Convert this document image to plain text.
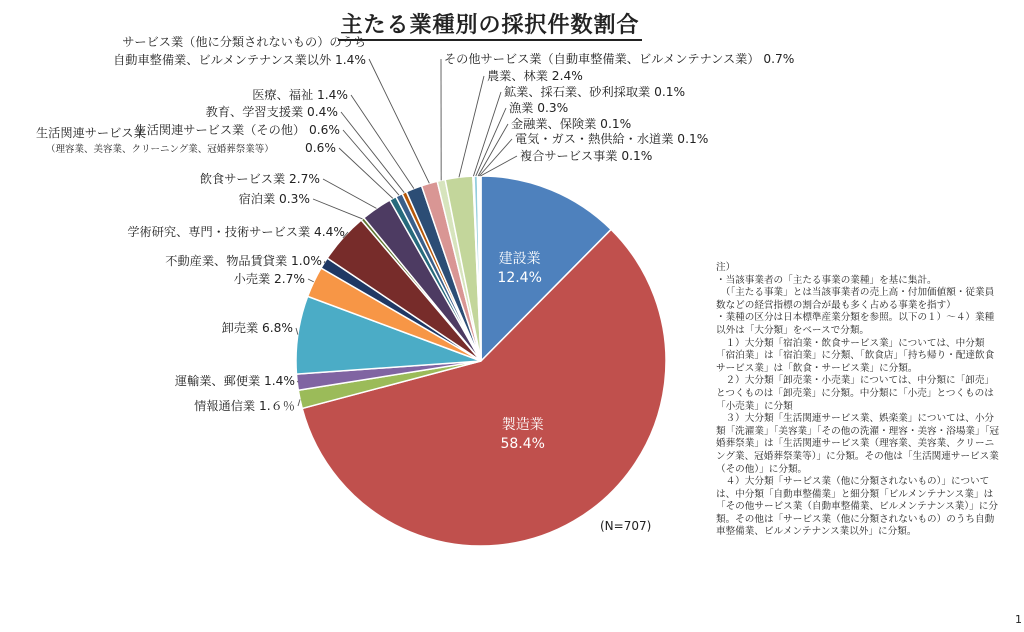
主たる業種別の採択件数割合
建設業
12.4%
製造業
58.4%
情報通信業 1.６％
運輸業、郵便業 1.4%
卸売業 6.8%
小売業 2.7%
不動産業、物品賃貸業 1.0%
学術研究、専門・技術サービス業 4.4%
宿泊業 0.3%
飲食サービス業 2.7%
生活関連サービス業
（理容業、美容業、クリーニング業、冠婚葬祭業等）	0.6%
生活関連サービス業（その他） 0.6%
教育、学習支援業 0.4%
医療、福祉 1.4%
サービス業（他に分類されないもの）のうち
自動車整備業、ビルメンテナンス業以外 1.4%	その他サービス業（自動車整備業、ビルメンテナンス業） 0.7%
農業、林業 2.4%
鉱業、採石業、砂利採取業 0.1%
漁業 0.3%
金融業、保険業 0.1%
電気・ガス・熱供給・水道業 0.1%
複合サービス事業 0.1%
(N=707)
注）
・当該事業者の「主たる事業の業種」を基に集計。
　（「主たる事業」とは当該事業者の売上高・付加価値額・従業員数などの経営指標の割合が最も多く占める事業を指す）
・業種の区分は日本標準産業分類を参照。以下の１）～４）業種以外は「大分類」をベースで分類。
　１）大分類「宿泊業・飲食サービス業」については、中分類「宿泊業」は「宿泊業」に分類、「飲食店」「持ち帰り・配達飲食サービス業」は「飲食・サービス業」に分類。
　２）大分類「卸売業・小売業」については、中分類に「卸売」とつくものは「卸売業」に分類。中分類に「小売」とつくものは「小売業」に分類
　３）大分類「生活関連サービス業、娯楽業」については、小分類「洗濯業」「美容業」「その他の洗濯・理容・美容・浴場業」「冠婚葬祭業」は「生活関連サービス業（理容業、美容業、クリーニング業、冠婚葬祭業等）」に分類。その他は「生活関連サービス業（その他）」に分類。
　４）大分類「サービス業（他に分類されないもの）」については、中分類「自動車整備業」と細分類「ビルメンテナンス業」は「その他サービス業（自動車整備業、ビルメンテナンス業）」に分類。その他は「サービス業（他に分類されないもの）のうち自動車整備業、ビルメンテナンス業以外」に分類。
1
